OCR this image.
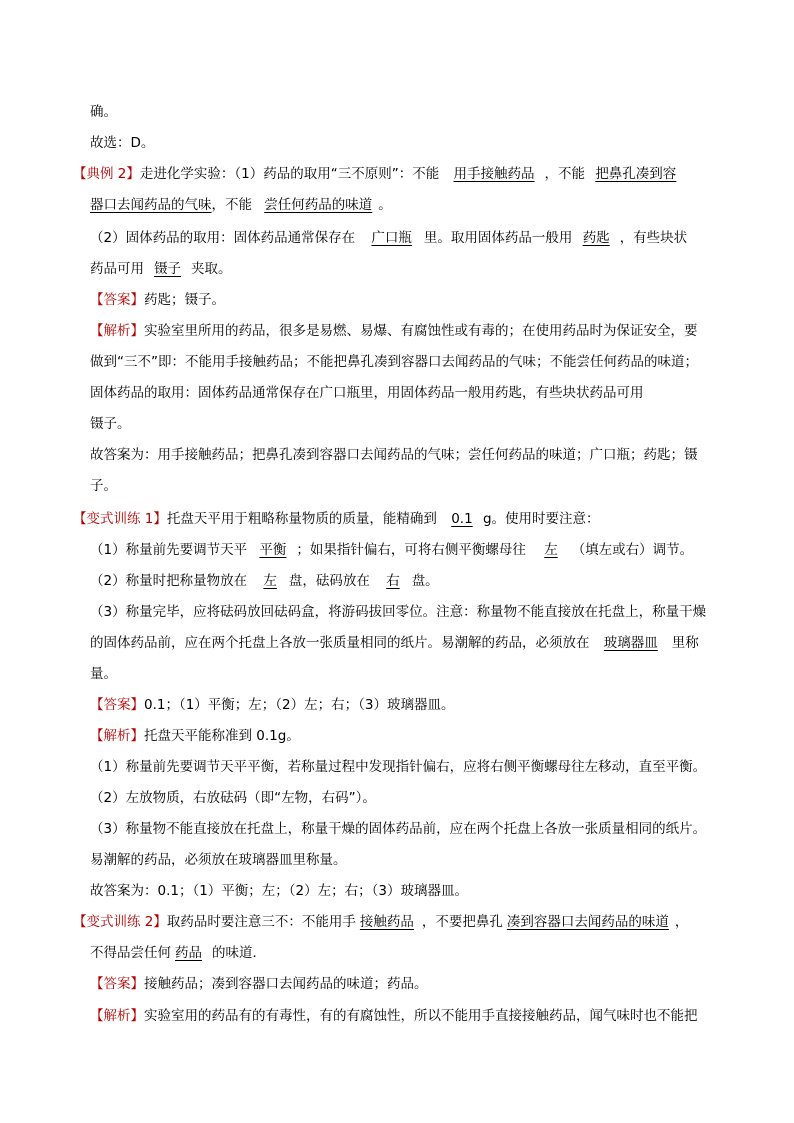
确。
故选：D。
【典例 2】走进化学实验：（1）药品的取用“三不原则”：不能 用手接触药品 ，不能 把鼻孔凑到容
器口去闻药品的气味，不能 尝任何药品的味道 。
（2）固体药品的取用：固体药品通常保存在 广口瓶 里。取用固体药品一般用 药匙 ，有些块状
药品可用 镊子 夹取。
【答案】药匙；镊子。
【解析】实验室里所用的药品，很多是易燃、易爆、有腐蚀性或有毒的；在使用药品时为保证安全，要
做到“三不”即：不能用手接触药品；不能把鼻孔凑到容器口去闻药品的气味；不能尝任何药品的味道；
固体药品的取用：固体药品通常保存在广口瓶里，用固体药品一般用药匙，有些块状药品可用
镊子。
故答案为：用手接触药品；把鼻孔凑到容器口去闻药品的气味；尝任何药品的味道；广口瓶；药匙；镊
子。
【变式训练 1】托盘天平用于粗略称量物质的质量，能精确到 0.1 g。使用时要注意：
（1）称量前先要调节天平 平衡 ；如果指针偏右，可将右侧平衡螺母往 左 （填左或右）调节。
（2）称量时把称量物放在 左 盘，砝码放在 右 盘。
（3）称量完毕，应将砝码放回砝码盒，将游码拔回零位。注意：称量物不能直接放在托盘上，称量干燥
的固体药品前，应在两个托盘上各放一张质量相同的纸片。易潮解的药品，必须放在 玻璃器皿 里称
量。
【答案】0.1；（1）平衡；左；（2）左；右；（3）玻璃器皿。
【解析】托盘天平能称准到 0.1g。
（1）称量前先要调节天平平衡，若称量过程中发现指针偏右，应将右侧平衡螺母往左移动，直至平衡。
（2）左放物质，右放砝码（即“左物，右码”）。
（3）称量物不能直接放在托盘上，称量干燥的固体药品前，应在两个托盘上各放一张质量相同的纸片。
易潮解的药品，必须放在玻璃器皿里称量。
故答案为：0.1；（1）平衡；左；（2）左；右；（3）玻璃器皿。
【变式训练 2】取药品时要注意三不：不能用手 接触药品 ，不要把鼻孔 凑到容器口去闻药品的味道 ，
不得品尝任何 药品 的味道．
【答案】接触药品；凑到容器口去闻药品的味道；药品。
【解析】实验室用的药品有的有毒性，有的有腐蚀性，所以不能用手直接接触药品，闻气味时也不能把
